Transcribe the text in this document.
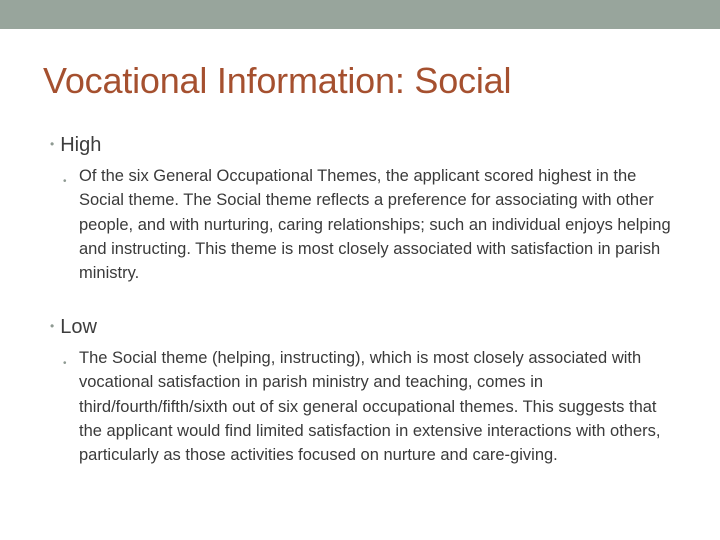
Vocational Information: Social
• High
• Of the six General Occupational Themes, the applicant scored highest in the Social theme. The Social theme reflects a preference for associating with other people, and with nurturing, caring relationships; such an individual enjoys helping and instructing. This theme is most closely associated with satisfaction in parish ministry.
• Low
• The Social theme (helping, instructing), which is most closely associated with vocational satisfaction in parish ministry and teaching, comes in third/fourth/fifth/sixth out of six general occupational themes. This suggests that the applicant would find limited satisfaction in extensive interactions with others, particularly as those activities focused on nurture and care-giving.
